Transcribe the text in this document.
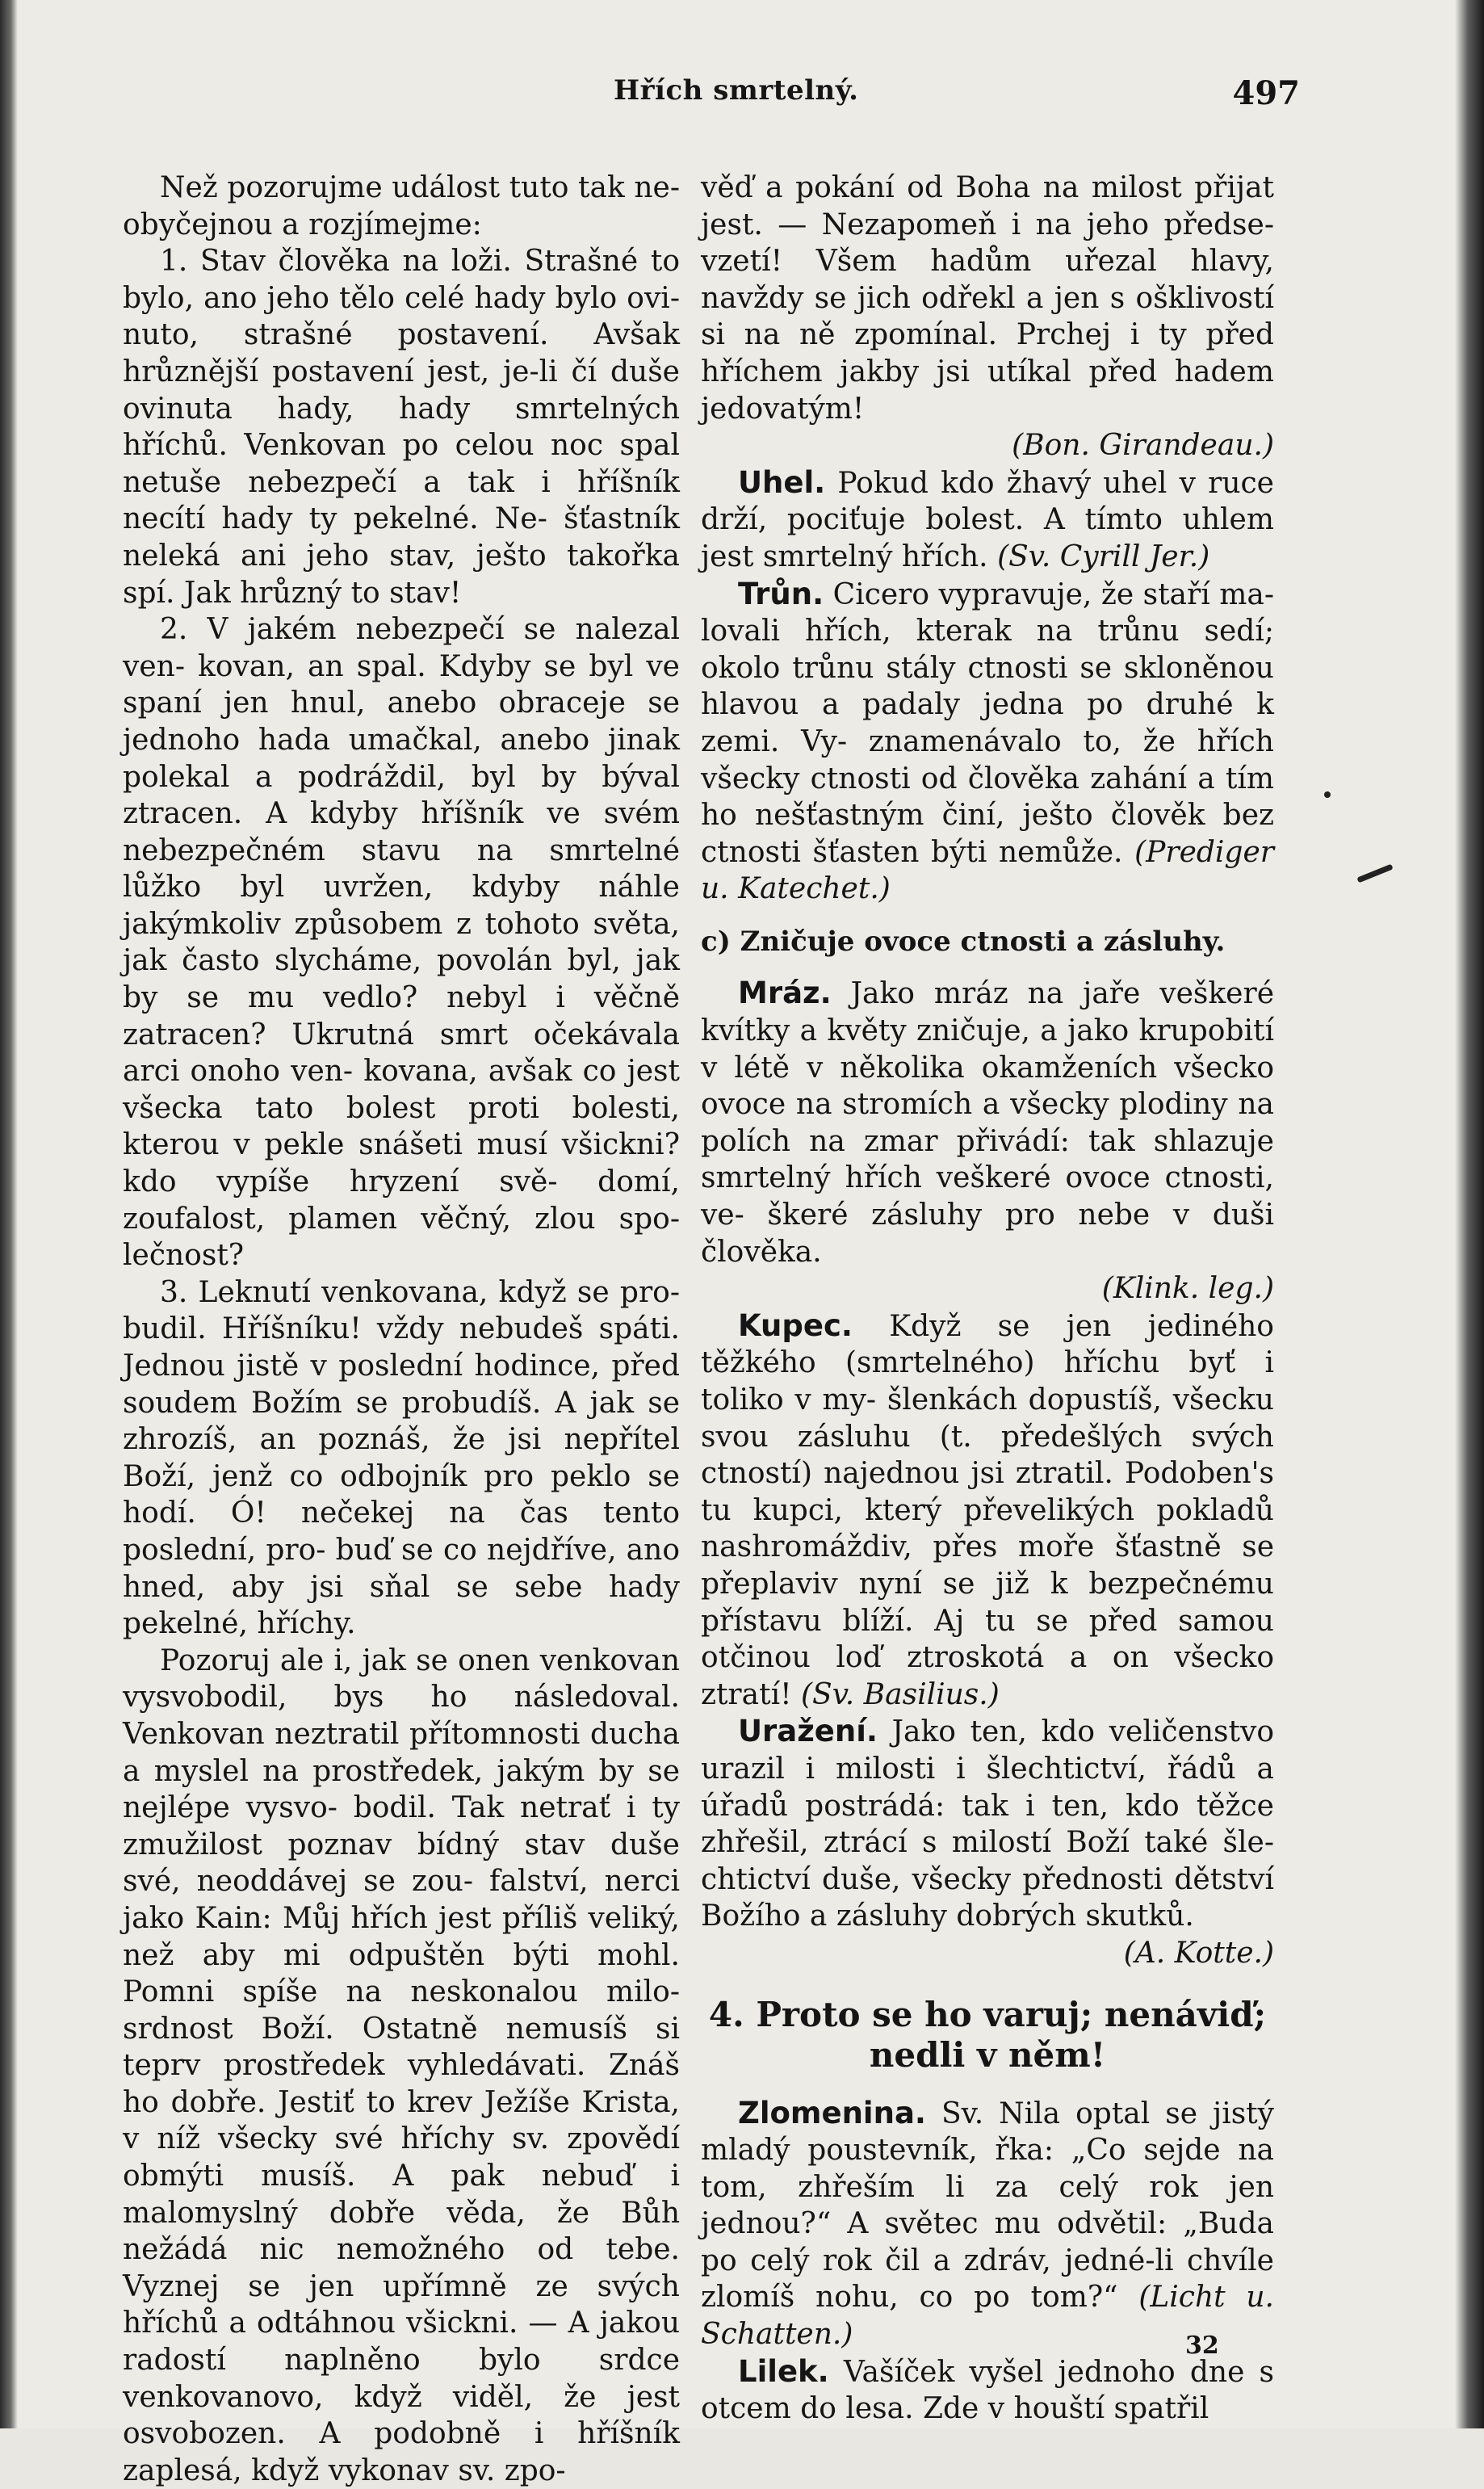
Hřích smrtelný.	497

Než pozorujme událost tuto tak ne- obyčejnou a rozjímejme:

1. Stav člověka na loži. Strašné to bylo, ano jeho tělo celé hady bylo ovi- nuto, strašné postavení. Avšak hrůznější postavení jest, je-li čí duše ovinuta hady, hady smrtelných hříchů. Venkovan po celou noc spal netuše nebezpečí a tak i hříšník necítí hady ty pekelné. Ne- šťastník neleká ani jeho stav, ješto takořka spí. Jak hrůzný to stav!

2. V jakém nebezpečí se nalezal ven- kovan, an spal. Kdyby se byl ve spaní jen hnul, anebo obraceje se jednoho hada umačkal, anebo jinak polekal a podráždil, byl by býval ztracen. A kdyby hříšník ve svém nebezpečném stavu na smrtelné lůžko byl uvržen, kdyby náhle jakýmkoliv způsobem z tohoto světa, jak často slycháme, povolán byl, jak by se mu vedlo? nebyl i věčně zatracen? Ukrutná smrt očekávala arci onoho ven- kovana, avšak co jest všecka tato bolest proti bolesti, kterou v pekle snášeti musí všickni? kdo vypíše hryzení svě- domí, zoufalost, plamen věčný, zlou spo- lečnost?

3. Leknutí venkovana, když se pro- budil. Hříšníku! vždy nebudeš spáti. Jednou jistě v poslední hodince, před soudem Božím se probudíš. A jak se zhrozíš, an poznáš, že jsi nepřítel Boží, jenž co odbojník pro peklo se hodí. Ó! nečekej na čas tento poslední, pro- buď se co nejdříve, ano hned, aby jsi sňal se sebe hady pekelné, hříchy.

Pozoruj ale i, jak se onen venkovan vysvobodil, bys ho následoval. Venkovan neztratil přítomnosti ducha a myslel na prostředek, jakým by se nejlépe vysvo- bodil. Tak netrať i ty zmužilost poznav bídný stav duše své, neoddávej se zou- falství, nerci jako Kain: Můj hřích jest příliš veliký, než aby mi odpuštěn býti mohl. Pomni spíše na neskonalou milo- srdnost Boží. Ostatně nemusíš si teprv prostředek vyhledávati. Znáš ho dobře. Jestiť to krev Ježíše Krista, v níž všecky své hříchy sv. zpovědí obmýti musíš. A pak nebuď i malomyslný dobře věda, že Bůh nežádá nic nemožného od tebe. Vyznej se jen upřímně ze svých hříchů a odtáhnou všickni. — A jakou radostí naplněno bylo srdce venkovanovo, když viděl, že jest osvobozen. A podobně i hříšník zaplesá, když vykonav sv. zpo-

věď a pokání od Boha na milost přijat jest. — Nezapomeň i na jeho předse- vzetí! Všem hadům uřezal hlavy, navždy se jich odřekl a jen s ošklivostí si na ně zpomínal. Prchej i ty před hříchem jakby jsi utíkal před hadem jedovatým!

(Bon. Girandeau.)

Uhel. Pokud kdo žhavý uhel v ruce drží, pociťuje bolest. A tímto uhlem jest smrtelný hřích. (Sv. Cyrill Jer.)

Trůn. Cicero vypravuje, že staří ma- lovali hřích, kterak na trůnu sedí; okolo trůnu stály ctnosti se skloněnou hlavou a padaly jedna po druhé k zemi. Vy- znamenávalo to, že hřích všecky ctnosti od člověka zahání a tím ho nešťastným činí, ješto člověk bez ctnosti šťasten býti nemůže. (Prediger u. Katechet.)

c) Zničuje ovoce ctnosti a zásluhy.

Mráz. Jako mráz na jaře veškeré kvítky a květy zničuje, a jako krupobití v létě v několika okamženích všecko ovoce na stromích a všecky plodiny na polích na zmar přivádí: tak shlazuje smrtelný hřích veškeré ovoce ctnosti, ve- škeré zásluhy pro nebe v duši člověka.

(Klink. leg.)

Kupec. Když se jen jediného těžkého (smrtelného) hříchu byť i toliko v my- šlenkách dopustíš, všecku svou zásluhu (t. předešlých svých ctností) najednou jsi ztratil. Podoben's tu kupci, který převelikých pokladů nashromáždiv, přes moře šťastně se přeplaviv nyní se již k bezpečnému přístavu blíží. Aj tu se před samou otčinou loď ztroskotá a on všecko ztratí! (Sv. Basilius.)

Uražení. Jako ten, kdo veličenstvo urazil i milosti i šlechtictví, řádů a úřadů postrádá: tak i ten, kdo těžce zhřešil, ztrácí s milostí Boží také šle- chtictví duše, všecky přednosti dětství Božího a zásluhy dobrých skutků.

(A. Kotte.)

4. Proto se ho varuj; nenáviď; nedli v něm!

Zlomenina. Sv. Nila optal se jistý mladý poustevník, řka: „Co sejde na tom, zhřeším li za celý rok jen jednou?“ A světec mu odvětil: „Buda po celý rok čil a zdráv, jedné-li chvíle zlomíš nohu, co po tom?“ (Licht u. Schatten.)

Lilek. Vašíček vyšel jednoho dne s otcem do lesa. Zde v houští spatřil

32
